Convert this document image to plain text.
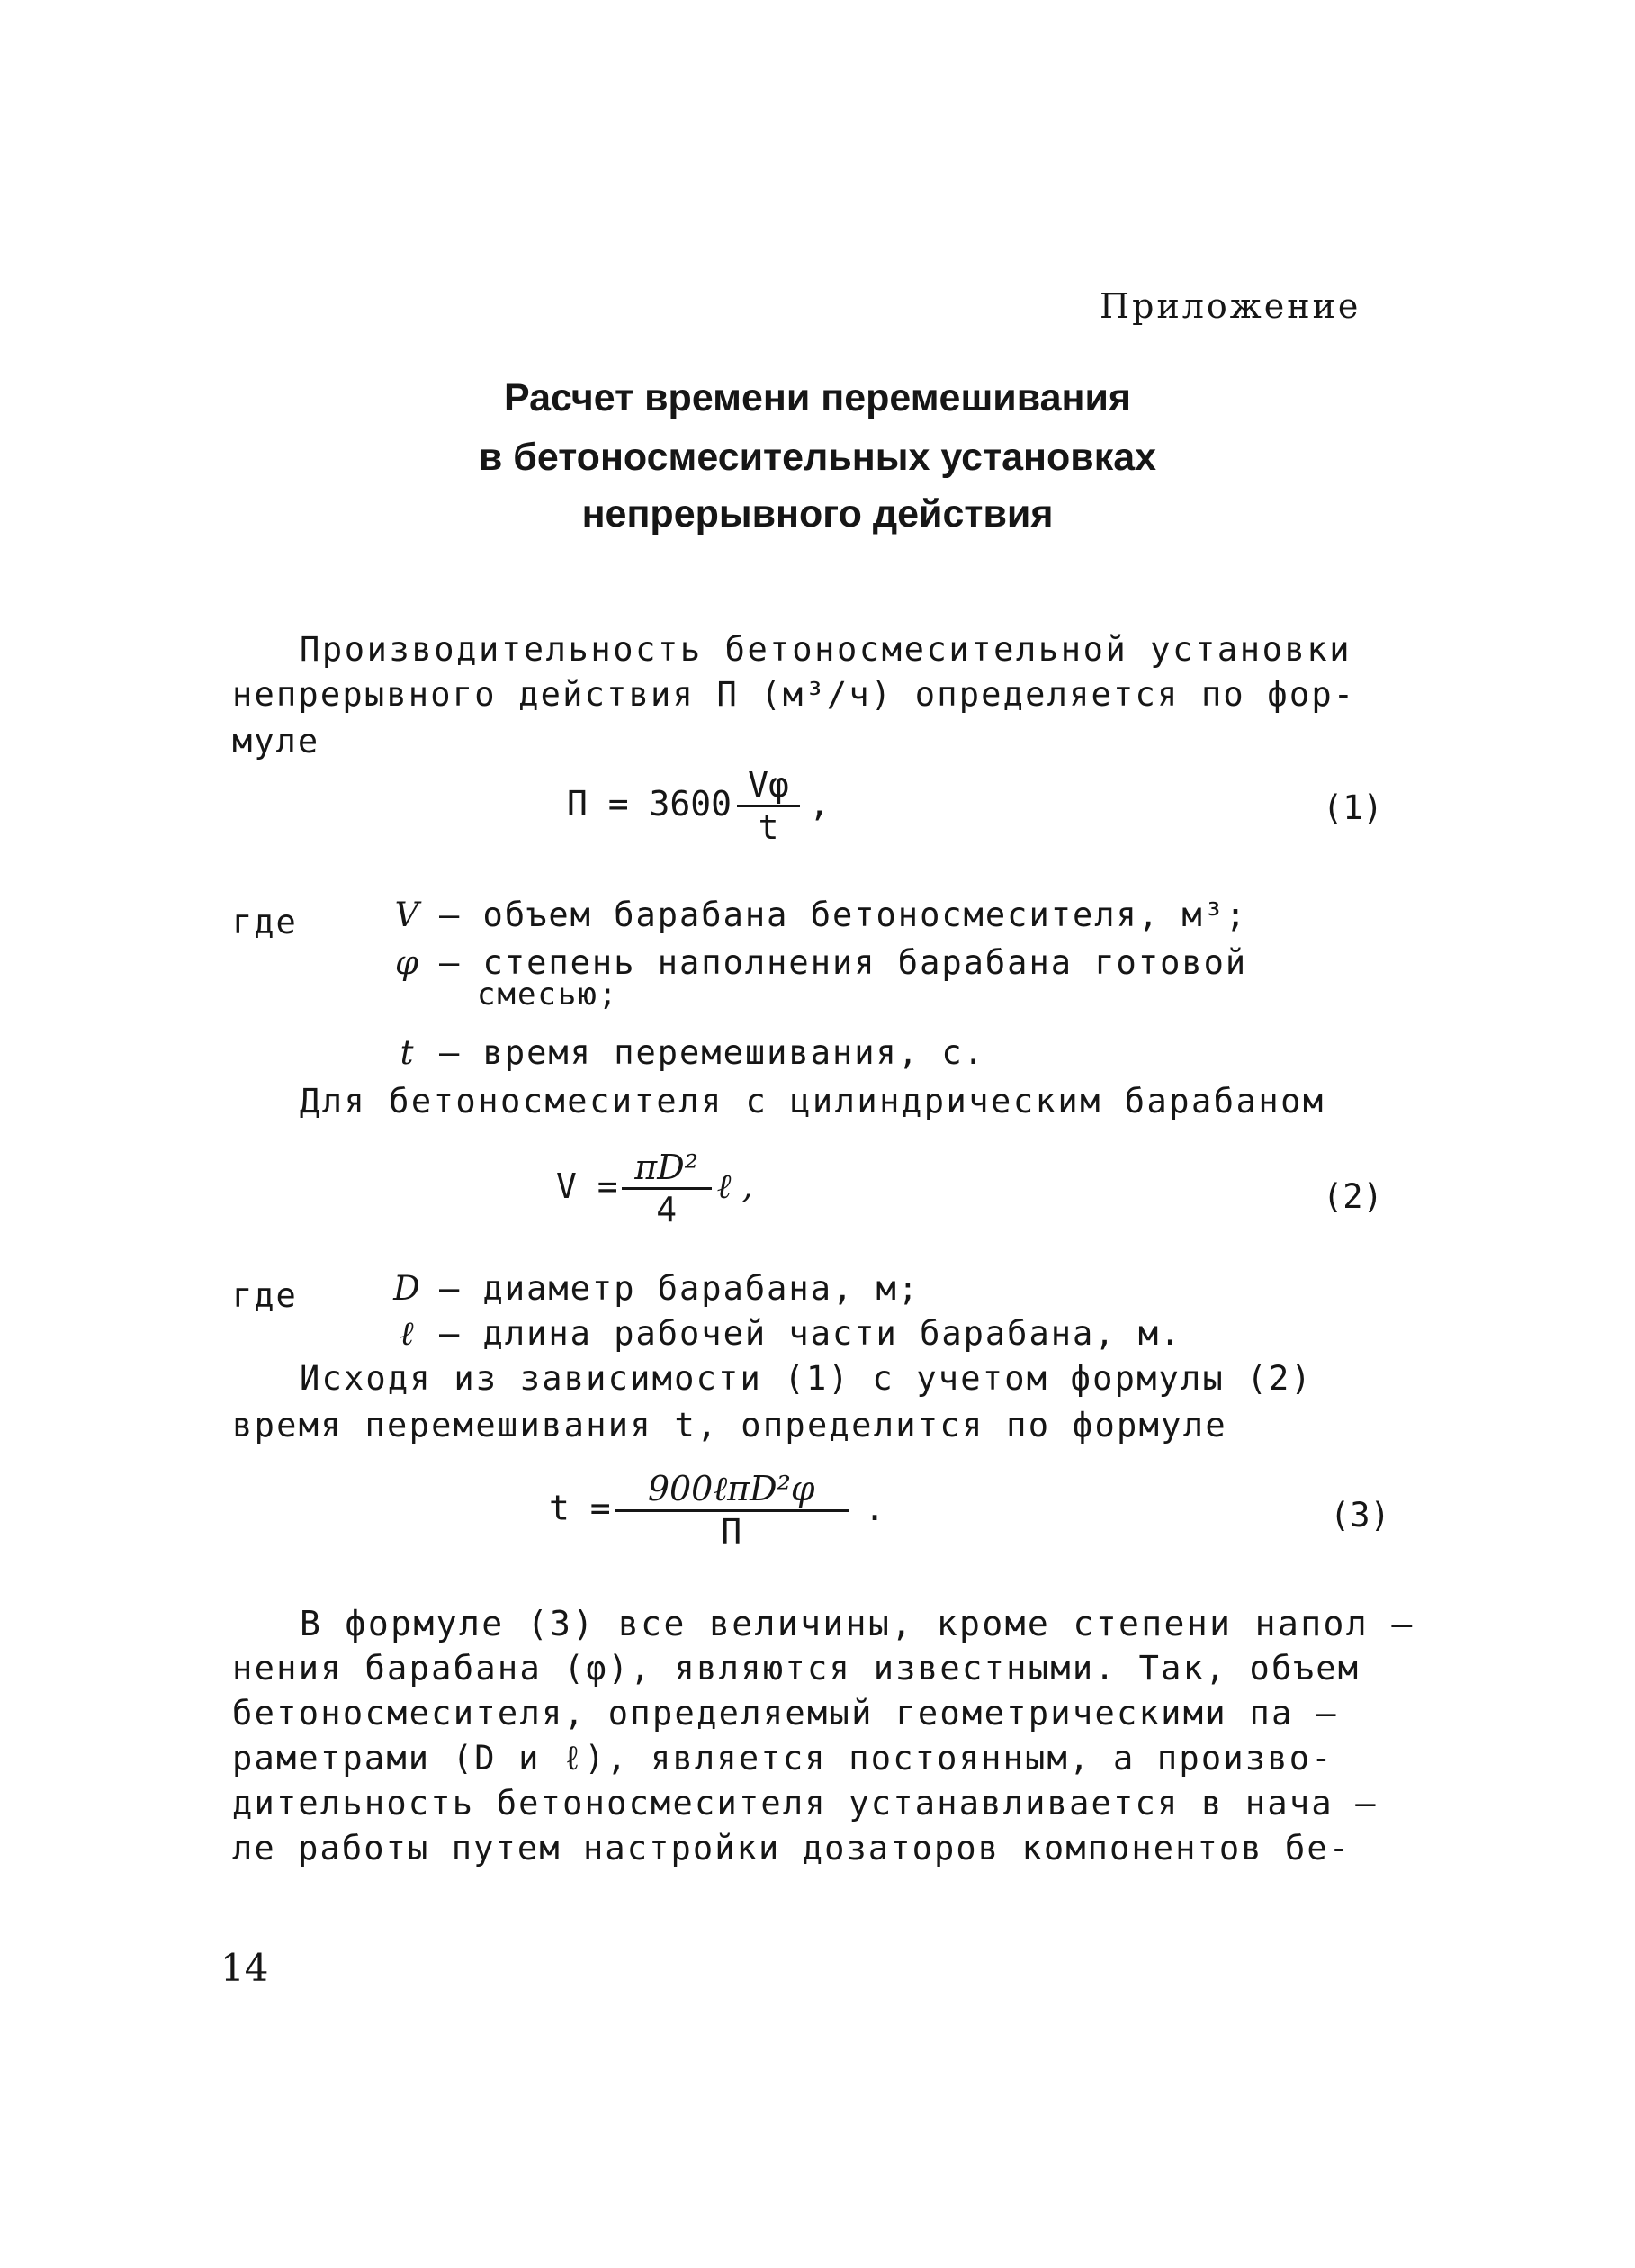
Приложение
Расчет времени перемешивания
в бетоносмесительных установках
непрерывного действия
Производительность бетоносмесительной установки
непрерывного действия П (м³/ч) определяется по фор-
муле
$П = 3600 \frac{V\varphi}{t}$ ,	(1)
где	V – объем барабана бетоносмесителя, м³;
φ – степень наполнения барабана готовой
смесью;
t – время перемешивания, с.
Для бетоносмесителя с цилиндрическим барабаном
$V = \frac{\text{πD²}}{4}$ ℓ ,	(2)
где	D – диаметр барабана, м;
ℓ – длина рабочей части барабана, м.
Исходя из зависимости (1) с учетом формулы (2)
время перемешивания t, определится по формуле
$t = \frac{\text{900ℓπD²φ}}{П}$ .	(3)
В формуле (3) все величины, кроме степени напол –
нения барабана (φ), являются известными. Так, объем
бетоносмесителя, определяемый геометрическими па –
раметрами (D и ℓ), является постоянным, а произво-
дительность бетоносмесителя устанавливается в нача –
ле работы путем настройки дозаторов компонентов бе-
14
